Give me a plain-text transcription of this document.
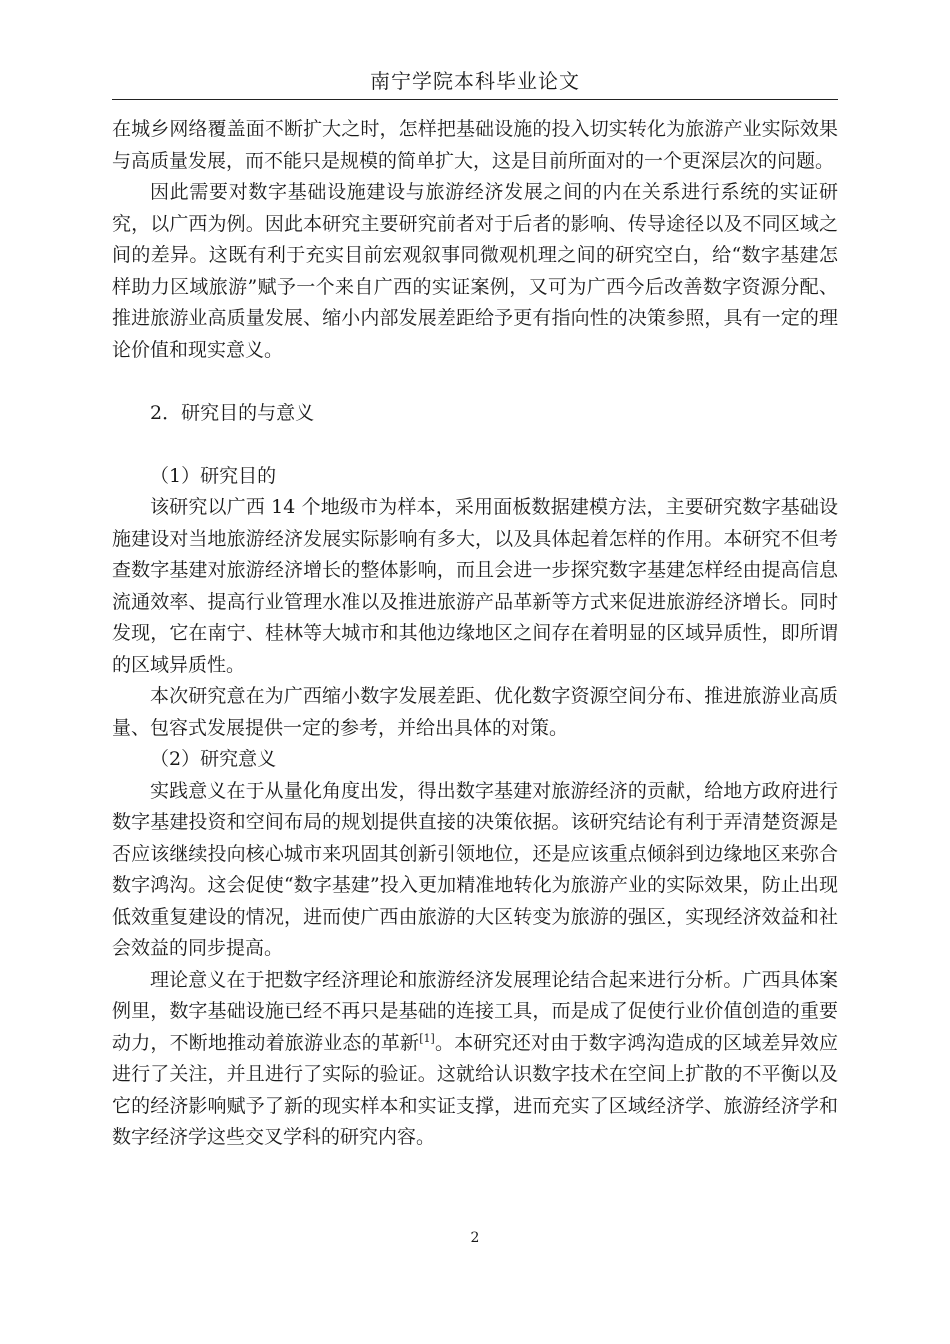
南宁学院本科毕业论文

在城乡网络覆盖面不断扩大之时，怎样把基础设施的投入切实转化为旅游产业实际效果与高质量发展，而不能只是规模的简单扩大，这是目前所面对的一个更深层次的问题。

因此需要对数字基础设施建设与旅游经济发展之间的内在关系进行系统的实证研究，以广西为例。因此本研究主要研究前者对于后者的影响、传导途径以及不同区域之间的差异。这既有利于充实目前宏观叙事同微观机理之间的研究空白，给“数字基建怎样助力区域旅游”赋予一个来自广西的实证案例，又可为广西今后改善数字资源分配、推进旅游业高质量发展、缩小内部发展差距给予更有指向性的决策参照，具有一定的理论价值和现实意义。

2．研究目的与意义

（1）研究目的

该研究以广西 14 个地级市为样本，采用面板数据建模方法，主要研究数字基础设施建设对当地旅游经济发展实际影响有多大，以及具体起着怎样的作用。本研究不但考查数字基建对旅游经济增长的整体影响，而且会进一步探究数字基建怎样经由提高信息流通效率、提高行业管理水准以及推进旅游产品革新等方式来促进旅游经济增长。同时发现，它在南宁、桂林等大城市和其他边缘地区之间存在着明显的区域异质性，即所谓的区域异质性。

本次研究意在为广西缩小数字发展差距、优化数字资源空间分布、推进旅游业高质量、包容式发展提供一定的参考，并给出具体的对策。

（2）研究意义

实践意义在于从量化角度出发，得出数字基建对旅游经济的贡献，给地方政府进行数字基建投资和空间布局的规划提供直接的决策依据。该研究结论有利于弄清楚资源是否应该继续投向核心城市来巩固其创新引领地位，还是应该重点倾斜到边缘地区来弥合数字鸿沟。这会促使“数字基建”投入更加精准地转化为旅游产业的实际效果，防止出现低效重复建设的情况，进而使广西由旅游的大区转变为旅游的强区，实现经济效益和社会效益的同步提高。

理论意义在于把数字经济理论和旅游经济发展理论结合起来进行分析。广西具体案例里，数字基础设施已经不再只是基础的连接工具，而是成了促使行业价值创造的重要动力，不断地推动着旅游业态的革新[1]。本研究还对由于数字鸿沟造成的区域差异效应进行了关注，并且进行了实际的验证。这就给认识数字技术在空间上扩散的不平衡以及它的经济影响赋予了新的现实样本和实证支撑，进而充实了区域经济学、旅游经济学和数字经济学这些交叉学科的研究内容。

2
